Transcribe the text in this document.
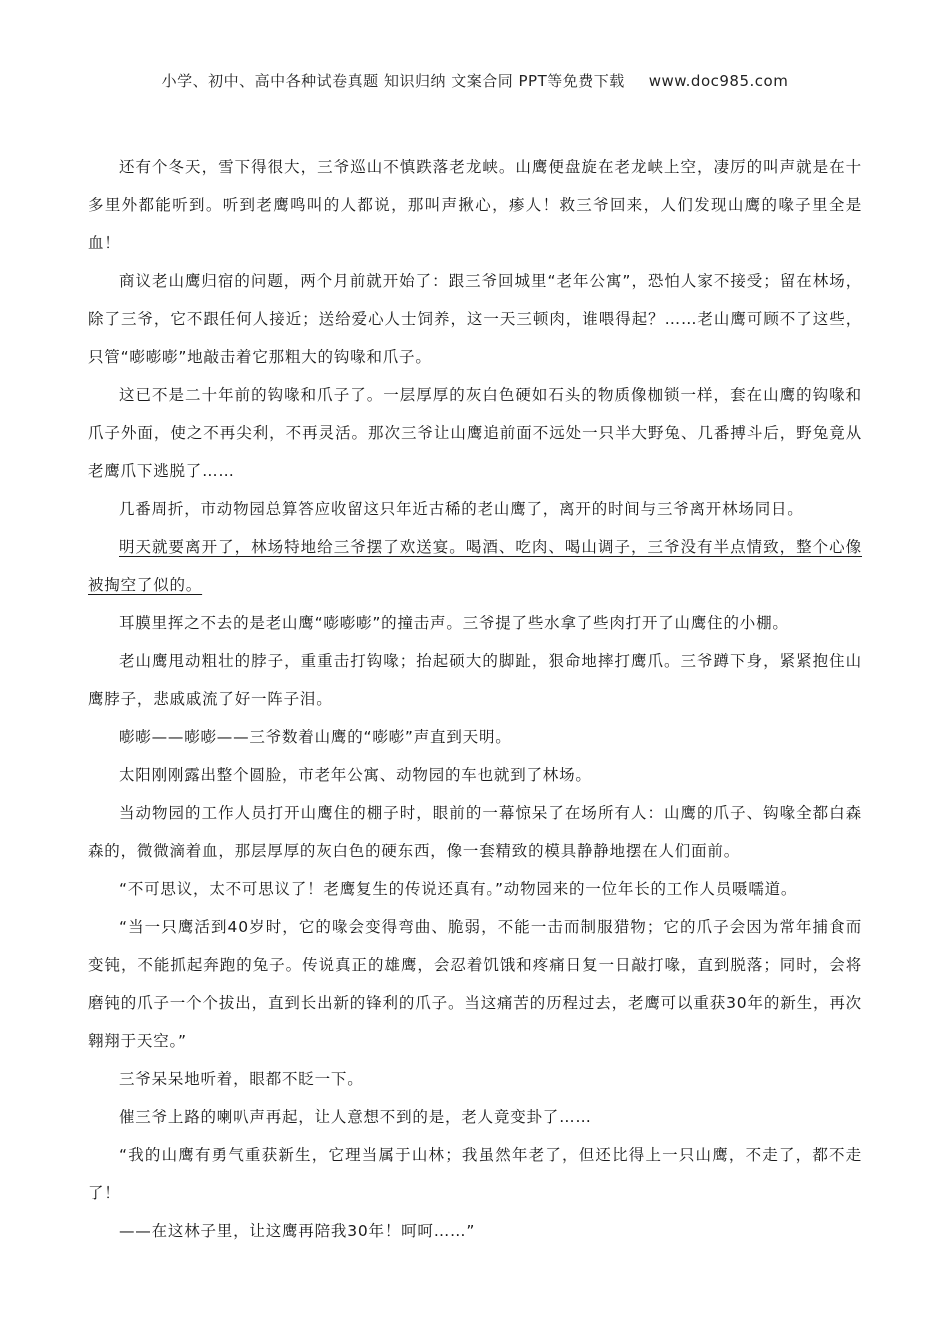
小学、初中、高中各种试卷真题 知识归纳 文案合同 PPT等免费下载 www.doc985.com

还有个冬天，雪下得很大，三爷巡山不慎跌落老龙峡。山鹰便盘旋在老龙峡上空，凄厉的叫声就是在十多里外都能听到。听到老鹰鸣叫的人都说，那叫声揪心，瘆人！救三爷回来，人们发现山鹰的喙子里全是血！

商议老山鹰归宿的问题，两个月前就开始了：跟三爷回城里“老年公寓”，恐怕人家不接受；留在林场，除了三爷，它不跟任何人接近；送给爱心人士饲养，这一天三顿肉，谁喂得起？……老山鹰可顾不了这些，只管“嘭嘭嘭”地敲击着它那粗大的钩喙和爪子。

这已不是二十年前的钩喙和爪子了。一层厚厚的灰白色硬如石头的物质像枷锁一样，套在山鹰的钩喙和爪子外面，使之不再尖利，不再灵活。那次三爷让山鹰追前面不远处一只半大野兔、几番搏斗后，野兔竟从老鹰爪下逃脱了……

几番周折，市动物园总算答应收留这只年近古稀的老山鹰了，离开的时间与三爷离开林场同日。

明天就要离开了，林场特地给三爷摆了欢送宴。喝酒、吃肉、喝山调子，三爷没有半点情致，整个心像被掏空了似的。

耳膜里挥之不去的是老山鹰“嘭嘭嘭”的撞击声。三爷提了些水拿了些肉打开了山鹰住的小棚。

老山鹰甩动粗壮的脖子，重重击打钩喙；抬起硕大的脚趾，狠命地摔打鹰爪。三爷蹲下身，紧紧抱住山鹰脖子，悲戚戚流了好一阵子泪。

嘭嘭——嘭嘭——三爷数着山鹰的“嘭嘭”声直到天明。

太阳刚刚露出整个圆脸，市老年公寓、动物园的车也就到了林场。

当动物园的工作人员打开山鹰住的棚子时，眼前的一幕惊呆了在场所有人：山鹰的爪子、钩喙全都白森森的，微微滴着血，那层厚厚的灰白色的硬东西，像一套精致的模具静静地摆在人们面前。

“不可思议，太不可思议了！老鹰复生的传说还真有。”动物园来的一位年长的工作人员嗫嚅道。

“当一只鹰活到40岁时，它的喙会变得弯曲、脆弱，不能一击而制服猎物；它的爪子会因为常年捕食而变钝，不能抓起奔跑的兔子。传说真正的雄鹰，会忍着饥饿和疼痛日复一日敲打喙，直到脱落；同时，会将磨钝的爪子一个个拔出，直到长出新的锋利的爪子。当这痛苦的历程过去，老鹰可以重获30年的新生，再次翱翔于天空。”

三爷呆呆地听着，眼都不眨一下。

催三爷上路的喇叭声再起，让人意想不到的是，老人竟变卦了……

“我的山鹰有勇气重获新生，它理当属于山林；我虽然年老了，但还比得上一只山鹰，不走了，都不走了！

——在这林子里，让这鹰再陪我30年！呵呵……”
